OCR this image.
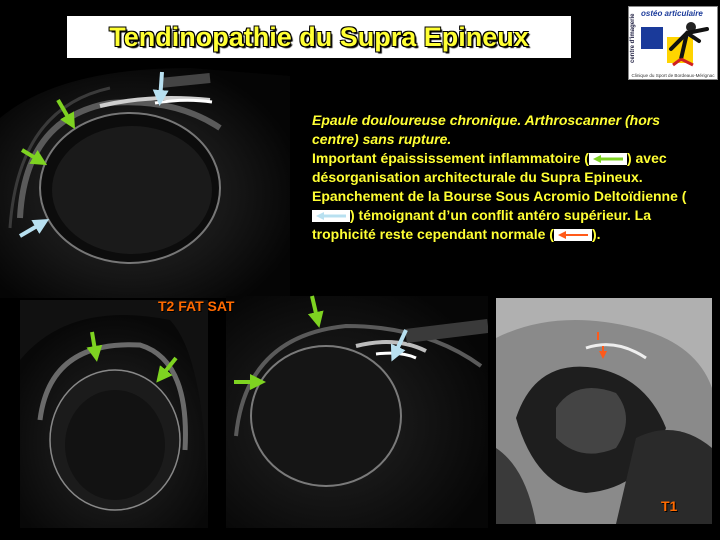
Tendinopathie du Supra Epineux	centre d'imagerie
ostéo articulaire
Clinique du Sport de Bordeaux-Mérignac
Epaule douloureuse chronique. Arthroscanner (hors centre) sans rupture.
Important épaississement inflammatoire (	) avec désorganisation architecturale du Supra Epineux.
Epanchement de la Bourse Sous Acromio Deltoïdienne (
) témoignant d’un conflit antéro supérieur. La trophicité reste cependant normale (	).
T2 FAT SAT
T1
